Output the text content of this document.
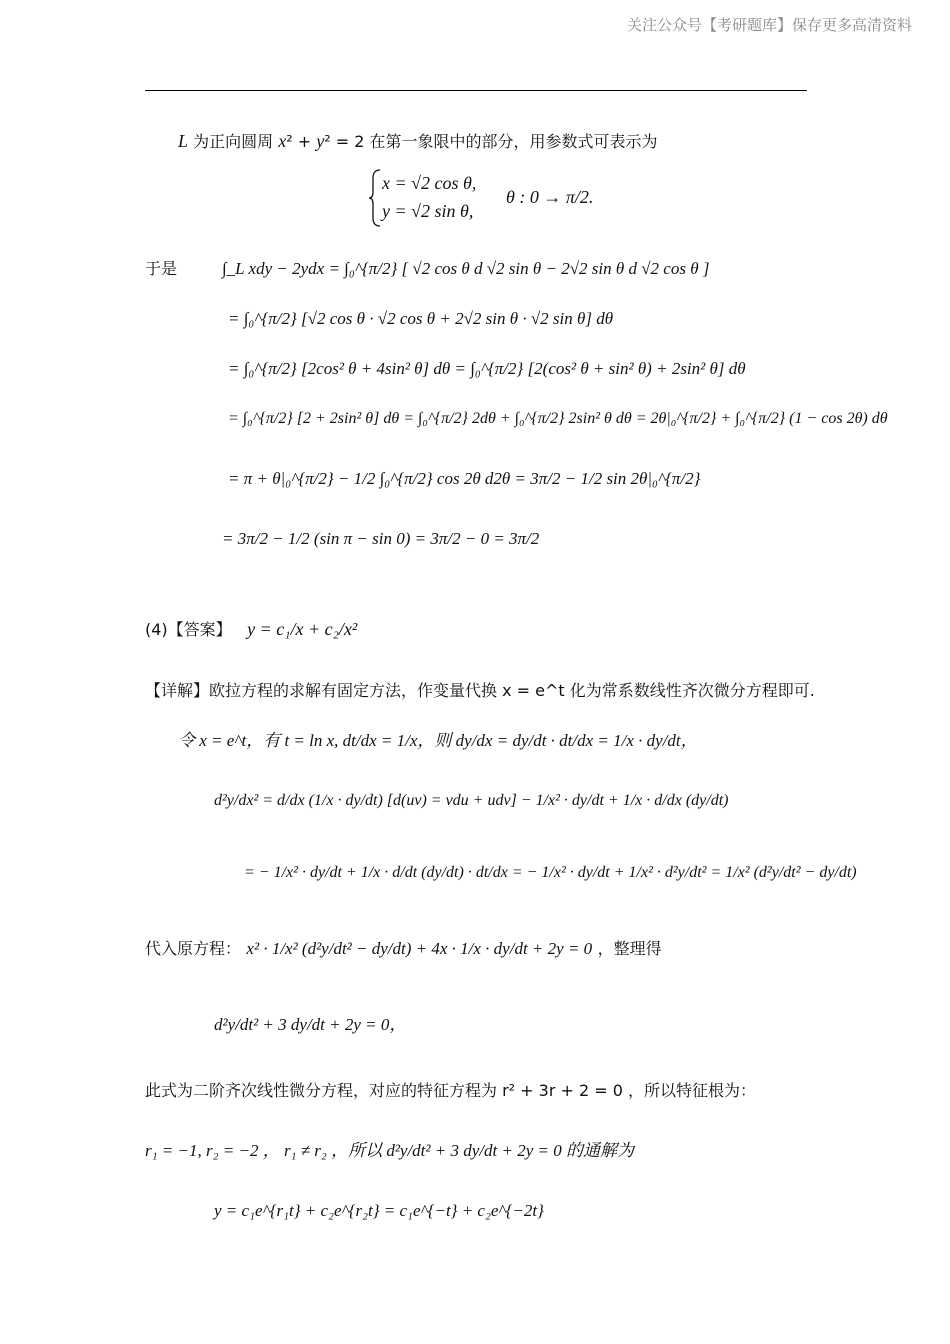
关注公众号【考研题库】保存更多高清资料
L 为正向圆周 x² + y² = 2 在第一象限中的部分，用参数式可表示为
x = √2 cos θ,
y = √2 sin θ,
θ : 0 → π/2.
于是	∫_L xdy − 2ydx = ∫₀^{π/2} [ √2 cos θ d √2 sin θ − 2√2 sin θ d √2 cos θ ]
= ∫₀^{π/2} [√2 cos θ · √2 cos θ + 2√2 sin θ · √2 sin θ] dθ
= ∫₀^{π/2} [2cos² θ + 4sin² θ] dθ = ∫₀^{π/2} [2(cos² θ + sin² θ) + 2sin² θ] dθ
= ∫₀^{π/2} [2 + 2sin² θ] dθ = ∫₀^{π/2} 2dθ + ∫₀^{π/2} 2sin² θ dθ = 2θ|₀^{π/2} + ∫₀^{π/2} (1 − cos 2θ) dθ
= π + θ|₀^{π/2} − 1/2 ∫₀^{π/2} cos 2θ d2θ = 3π/2 − 1/2 sin 2θ|₀^{π/2}
= 3π/2 − 1/2 (sin π − sin 0) = 3π/2 − 0 = 3π/2
(4)【答案】 y = c₁/x + c₂/x²
【详解】欧拉方程的求解有固定方法，作变量代换 x = e^t 化为常系数线性齐次微分方程即可.
令 x = e^t，有 t = ln x, dt/dx = 1/x，则 dy/dx = dy/dt · dt/dx = 1/x · dy/dt，
d²y/dx² = d/dx (1/x · dy/dt) [d(uv) = vdu + udv] − 1/x² · dy/dt + 1/x · d/dx (dy/dt)
= − 1/x² · dy/dt + 1/x · d/dt (dy/dt) · dt/dx = − 1/x² · dy/dt + 1/x² · d²y/dt² = 1/x² (d²y/dt² − dy/dt)
代入原方程： x² · 1/x² (d²y/dt² − dy/dt) + 4x · 1/x · dy/dt + 2y = 0 ，整理得
d²y/dt² + 3 dy/dt + 2y = 0，
此式为二阶齐次线性微分方程，对应的特征方程为 r² + 3r + 2 = 0 ，所以特征根为：
r₁ = −1, r₂ = −2 ， r₁ ≠ r₂ ，所以 d²y/dt² + 3 dy/dt + 2y = 0 的通解为
y = c₁e^{r₁t} + c₂e^{r₂t} = c₁e^{−t} + c₂e^{−2t}
